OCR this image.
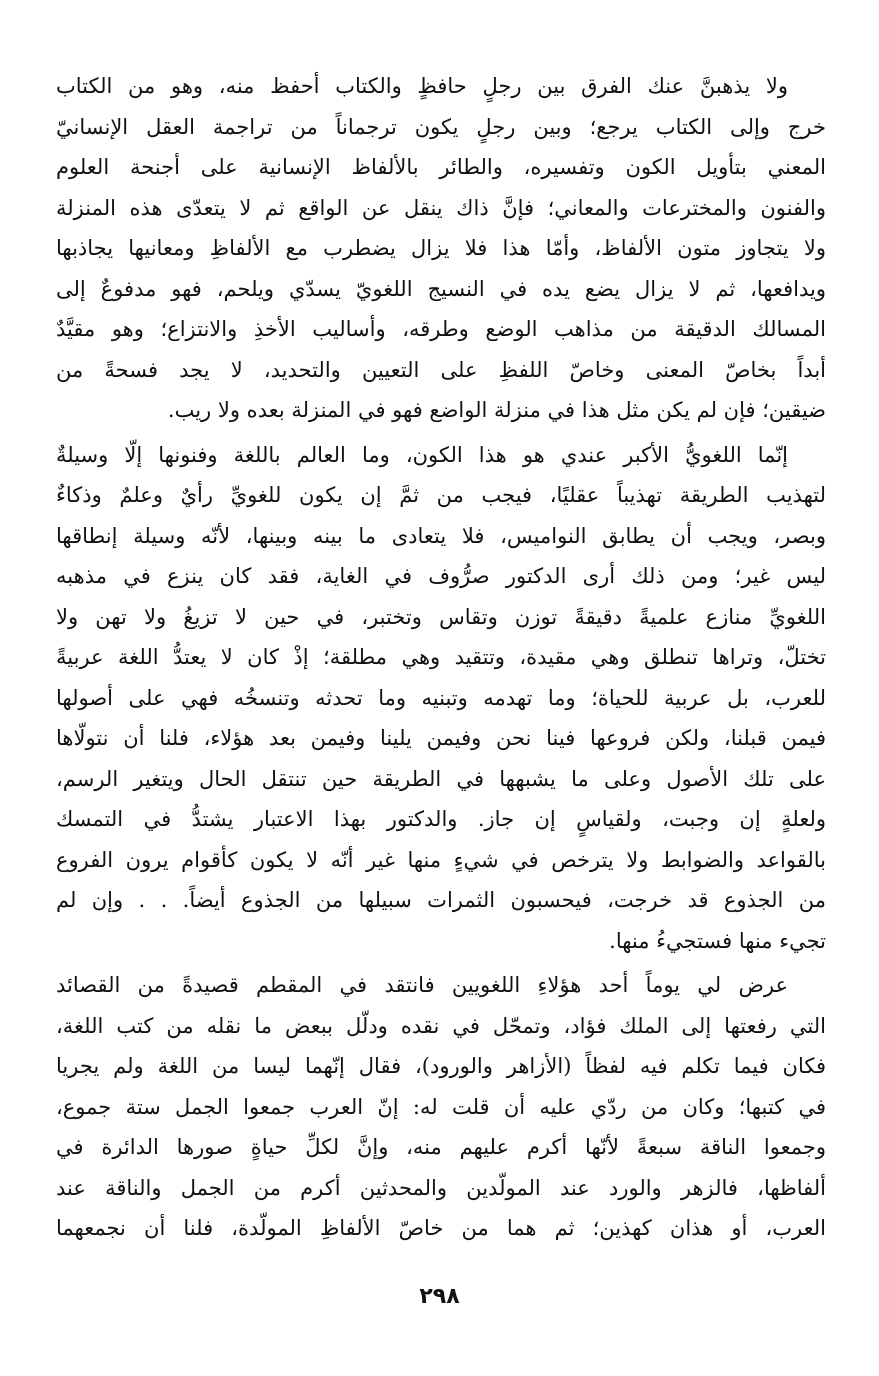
ولا يذهبنَّ عنك الفرق بين رجلٍ حافظٍ والكتاب أحفظ منه، وهو من الكتاب
خرج وإلى الكتاب يرجع؛ وبين رجلٍ يكون ترجماناً من تراجمة العقل الإنسانيّ
المعني بتأويل الكون وتفسيره، والطائر بالألفاظ الإنسانية على أجنحة العلوم
والفنون والمخترعات والمعاني؛ فإنَّ ذاك ينقل عن الواقع ثم لا يتعدّى هذه المنزلة
ولا يتجاوز متون الألفاظ، وأمّا هذا فلا يزال يضطرب مع الألفاظِ ومعانيها يجاذبها
ويدافعها، ثم لا يزال يضع يده في النسيج اللغويّ يسدّي ويلحم، فهو مدفوعٌ إلى
المسالك الدقيقة من مذاهب الوضع وطرقه، وأساليب الأخذِ والانتزاع؛ وهو مقيَّدٌ
أبداً بخاصّ المعنى وخاصّ اللفظِ على التعيين والتحديد، لا يجد فسحةً من
ضيقين؛ فإن لم يكن مثل هذا في منزلة الواضع فهو في المنزلة بعده ولا ريب.
إنّما اللغويُّ الأكبر عندي هو هذا الكون، وما العالم باللغة وفنونها إلّا وسيلةٌ
لتهذيب الطريقة تهذيباً عقليًا، فيجب من ثمَّ إن يكون للغويِّ رأيٌ وعلمٌ وذكاءٌ
وبصر، ويجب أن يطابق النواميس، فلا يتعادى ما بينه وبينها، لأنّه وسيلة إنطاقها
ليس غير؛ ومن ذلك أرى الدكتور صرُّوف في الغاية، فقد كان ينزع في مذهبه
اللغويِّ منازع علميةً دقيقةً توزن وتقاس وتختبر، في حين لا تزيغُ ولا تهن ولا
تختلّ، وتراها تنطلق وهي مقيدة، وتتقيد وهي مطلقة؛ إذْ كان لا يعتدُّ اللغة عربيةً
للعرب، بل عربية للحياة؛ وما تهدمه وتبنيه وما تحدثه وتنسخُه فهي على أصولها
فيمن قبلنا، ولكن فروعها فينا نحن وفيمن يلينا وفيمن بعد هؤلاء، فلنا أن نتولّاها
على تلك الأصول وعلى ما يشبهها في الطريقة حين تنتقل الحال ويتغير الرسم،
ولعلةٍ إن وجبت، ولقياسٍ إن جاز. والدكتور بهذا الاعتبار يشتدُّ في التمسك
بالقواعد والضوابط ولا يترخص في شيءٍ منها غير أنّه لا يكون كأقوام يرون الفروع
من الجذوع قد خرجت، فيحسبون الثمرات سبيلها من الجذوع أيضاً. . . وإن لم
تجيء منها فستجيءُ منها.
عرض لي يوماً أحد هؤلاءِ اللغويين فانتقد في المقطم قصيدةً من القصائد
التي رفعتها إلى الملك فؤاد، وتمحّل في نقده ودلّل ببعض ما نقله من كتب اللغة،
فكان فيما تكلم فيه لفظاً (الأزاهر والورود)، فقال إنّهما ليسا من اللغة ولم يجريا
في كتبها؛ وكان من ردّي عليه أن قلت له: إنّ العرب جمعوا الجمل ستة جموع،
وجمعوا الناقة سبعةً لأنّها أكرم عليهم منه، وإنَّ لكلِّ حياةٍ صورها الدائرة في
ألفاظها، فالزهر والورد عند المولّدين والمحدثين أكرم من الجمل والناقة عند
العرب، أو هذان كهذين؛ ثم هما من خاصّ الألفاظِ المولّدة، فلنا أن نجمعهما
٢٩٨
